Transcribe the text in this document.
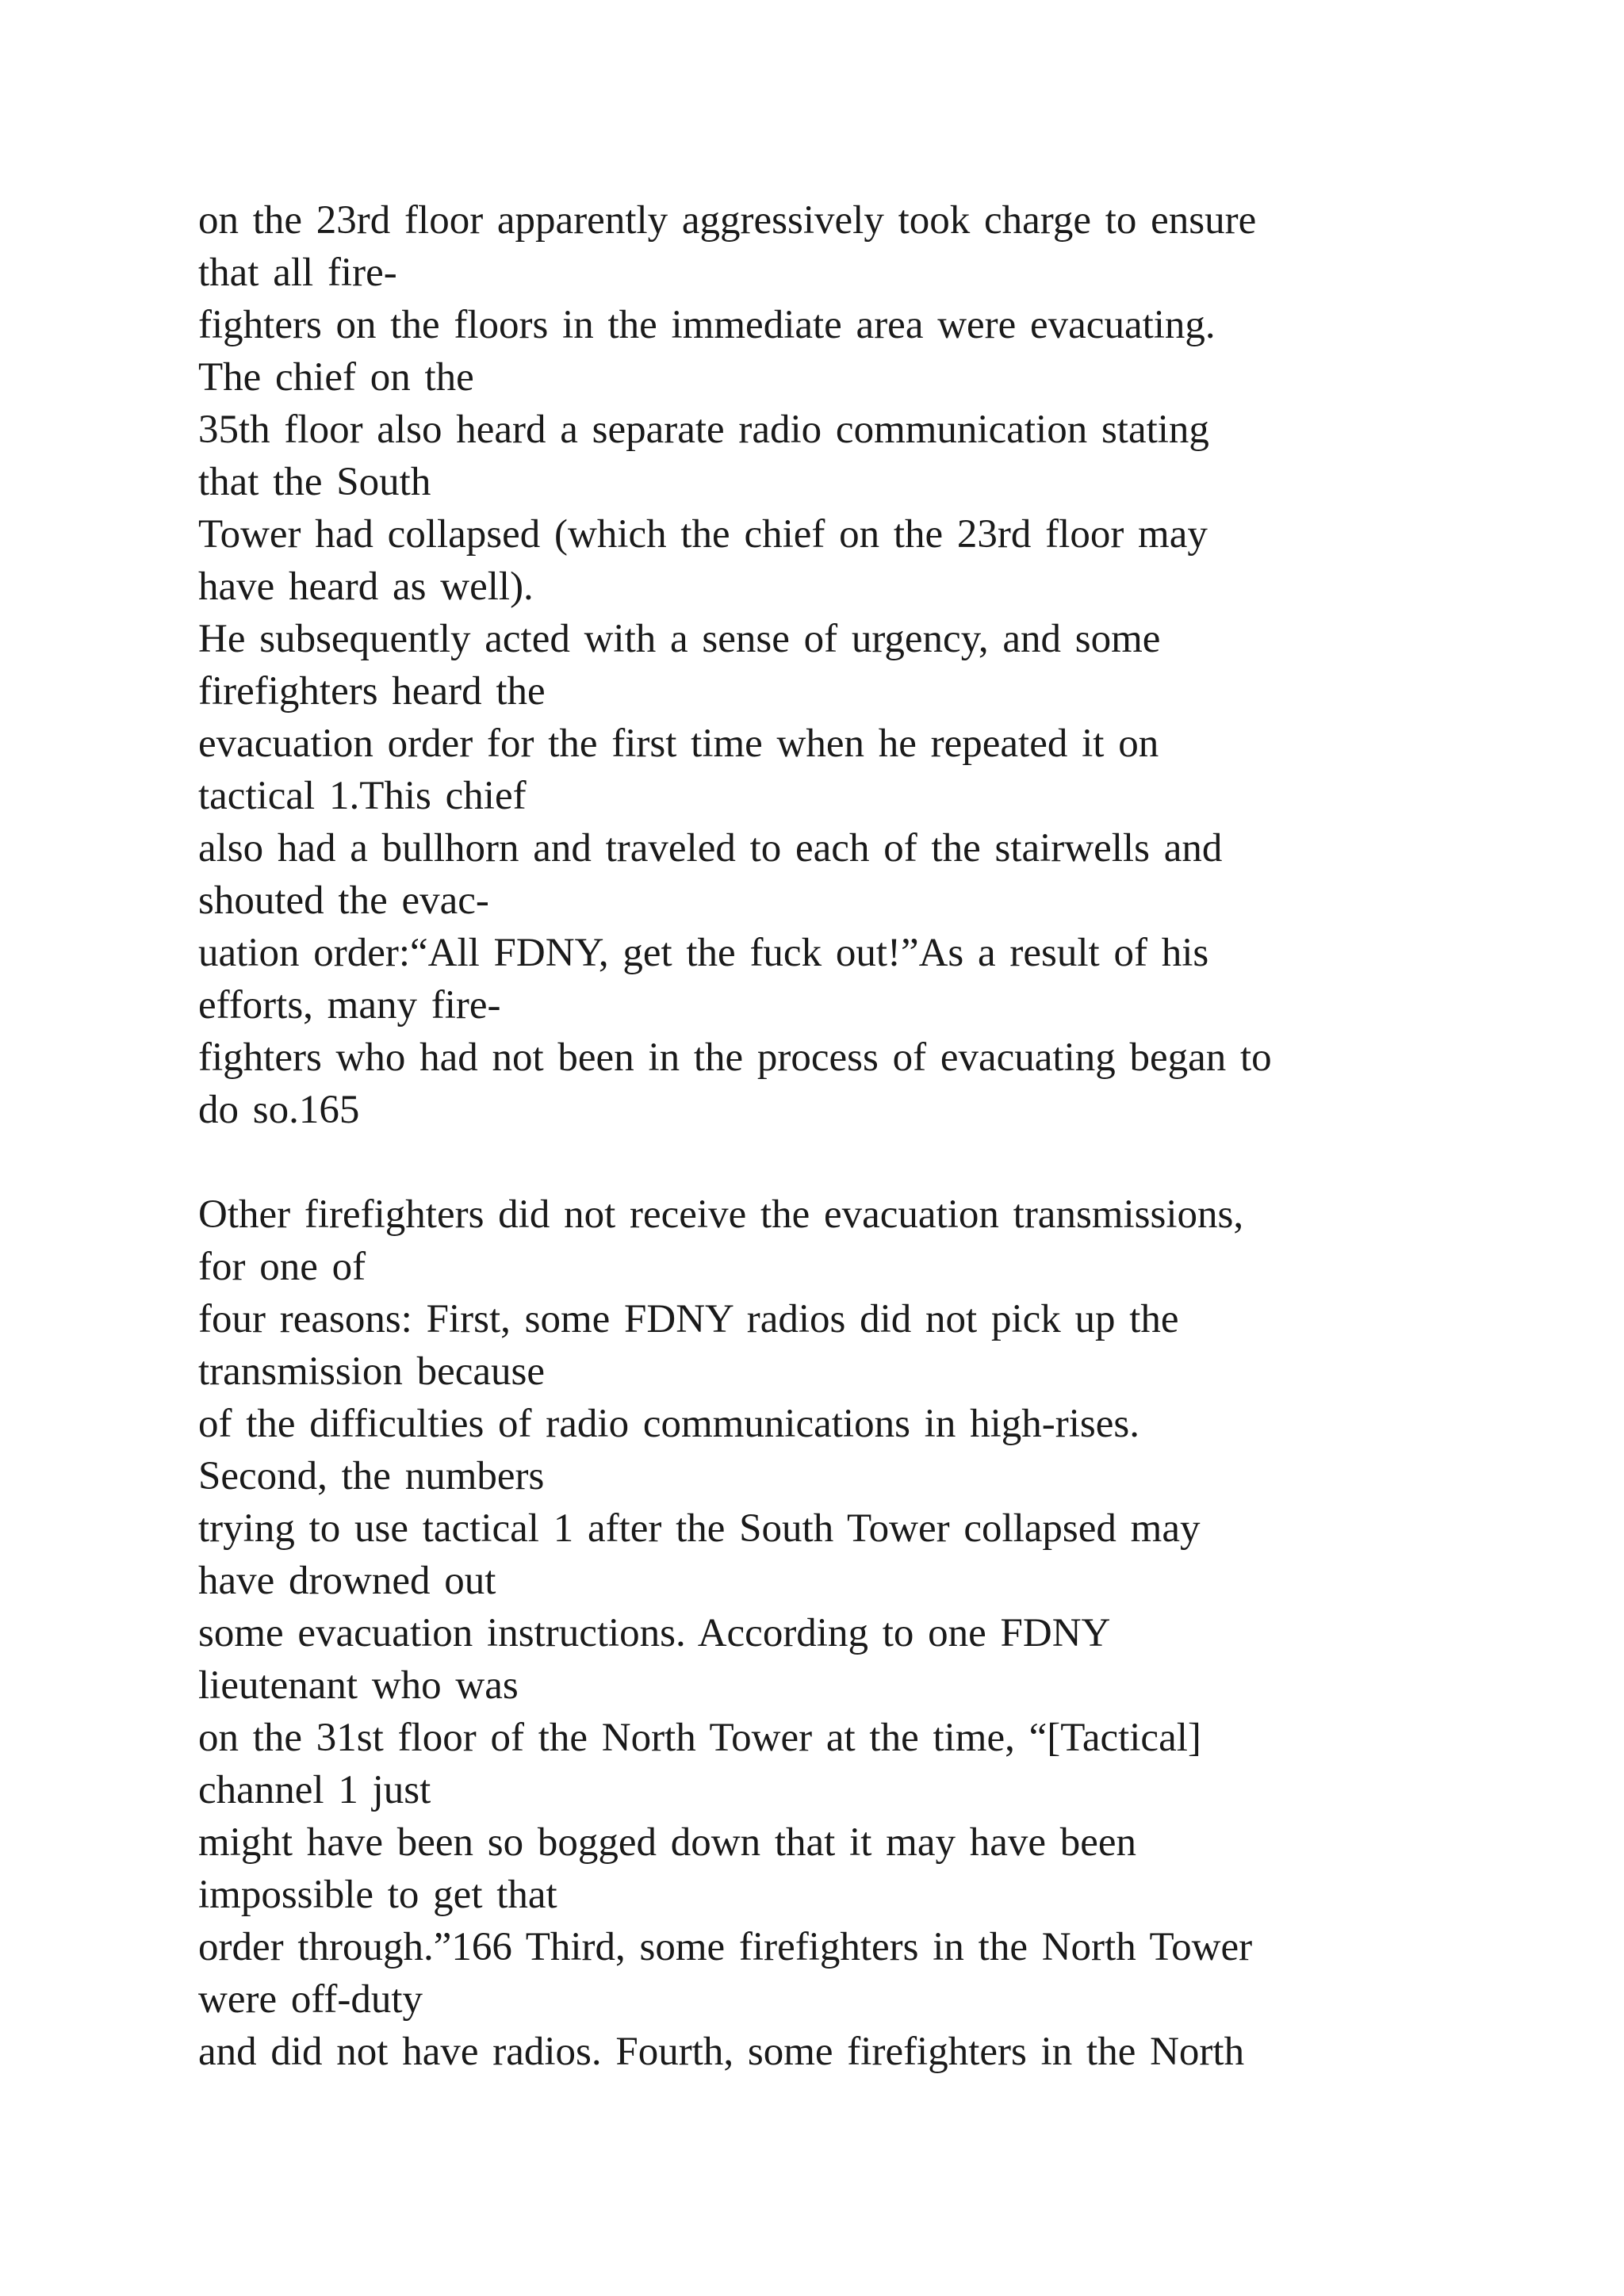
on the 23rd floor apparently aggressively took charge to ensure
that all fire-
fighters on the floors in the immediate area were evacuating.
The chief on the
35th floor also heard a separate radio communication stating
that the South
Tower had collapsed (which the chief on the 23rd floor may
have heard as well).
He subsequently acted with a sense of urgency, and some
firefighters heard the
evacuation order for the first time when he repeated it on
tactical 1.This chief
also had a bullhorn and traveled to each of the stairwells and
shouted the evac-
uation order:“All FDNY, get the fuck out!”As a result of his
efforts, many fire-
fighters who had not been in the process of evacuating began to
do so.165
Other firefighters did not receive the evacuation transmissions,
for one of
four reasons: First, some FDNY radios did not pick up the
transmission because
of the difficulties of radio communications in high-rises.
Second, the numbers
trying to use tactical 1 after the South Tower collapsed may
have drowned out
some evacuation instructions. According to one FDNY
lieutenant who was
on the 31st floor of the North Tower at the time, “[Tactical]
channel 1 just
might have been so bogged down that it may have been
impossible to get that
order through.”166 Third, some firefighters in the North Tower
were off-duty
and did not have radios. Fourth, some firefighters in the North
